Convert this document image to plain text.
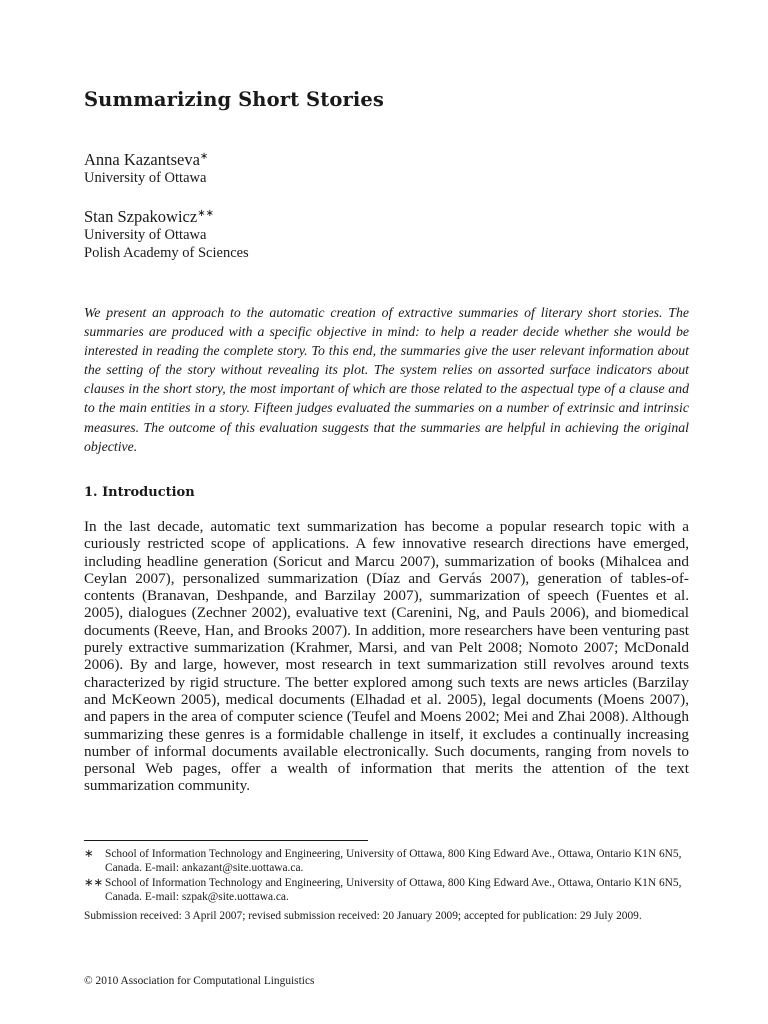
Summarizing Short Stories
Anna Kazantseva∗
University of Ottawa
Stan Szpakowicz∗∗
University of Ottawa
Polish Academy of Sciences

We present an approach to the automatic creation of extractive summaries of literary short stories. The summaries are produced with a specific objective in mind: to help a reader decide whether she would be interested in reading the complete story. To this end, the summaries give the user relevant information about the setting of the story without revealing its plot. The system relies on assorted surface indicators about clauses in the short story, the most important of which are those related to the aspectual type of a clause and to the main entities in a story. Fifteen judges evaluated the summaries on a number of extrinsic and intrinsic measures. The outcome of this evaluation suggests that the summaries are helpful in achieving the original objective.

1. Introduction

In the last decade, automatic text summarization has become a popular research topic with a curiously restricted scope of applications. A few innovative research directions have emerged, including headline generation (Soricut and Marcu 2007), summarization of books (Mihalcea and Ceylan 2007), personalized summarization (Díaz and Gervás 2007), generation of tables-of-contents (Branavan, Deshpande, and Barzilay 2007), summarization of speech (Fuentes et al. 2005), dialogues (Zechner 2002), evaluative text (Carenini, Ng, and Pauls 2006), and biomedical documents (Reeve, Han, and Brooks 2007). In addition, more researchers have been venturing past purely extractive summarization (Krahmer, Marsi, and van Pelt 2008; Nomoto 2007; McDonald 2006). By and large, however, most research in text summarization still revolves around texts characterized by rigid structure. The better explored among such texts are news articles (Barzilay and McKeown 2005), medical documents (Elhadad et al. 2005), legal documents (Moens 2007), and papers in the area of computer science (Teufel and Moens 2002; Mei and Zhai 2008). Although summarizing these genres is a formidable challenge in itself, it excludes a continually increasing number of informal documents available electronically. Such documents, ranging from novels to personal Web pages, offer a wealth of information that merits the attention of the text summarization community.

∗	School of Information Technology and Engineering, University of Ottawa, 800 King Edward Ave., Ottawa, Ontario K1N 6N5, Canada. E-mail: ankazant@site.uottawa.ca.
∗∗ School of Information Technology and Engineering, University of Ottawa, 800 King Edward Ave., Ottawa, Ontario K1N 6N5, Canada. E-mail: szpak@site.uottawa.ca.
Submission received: 3 April 2007; revised submission received: 20 January 2009; accepted for publication: 29 July 2009.
© 2010 Association for Computational Linguistics
